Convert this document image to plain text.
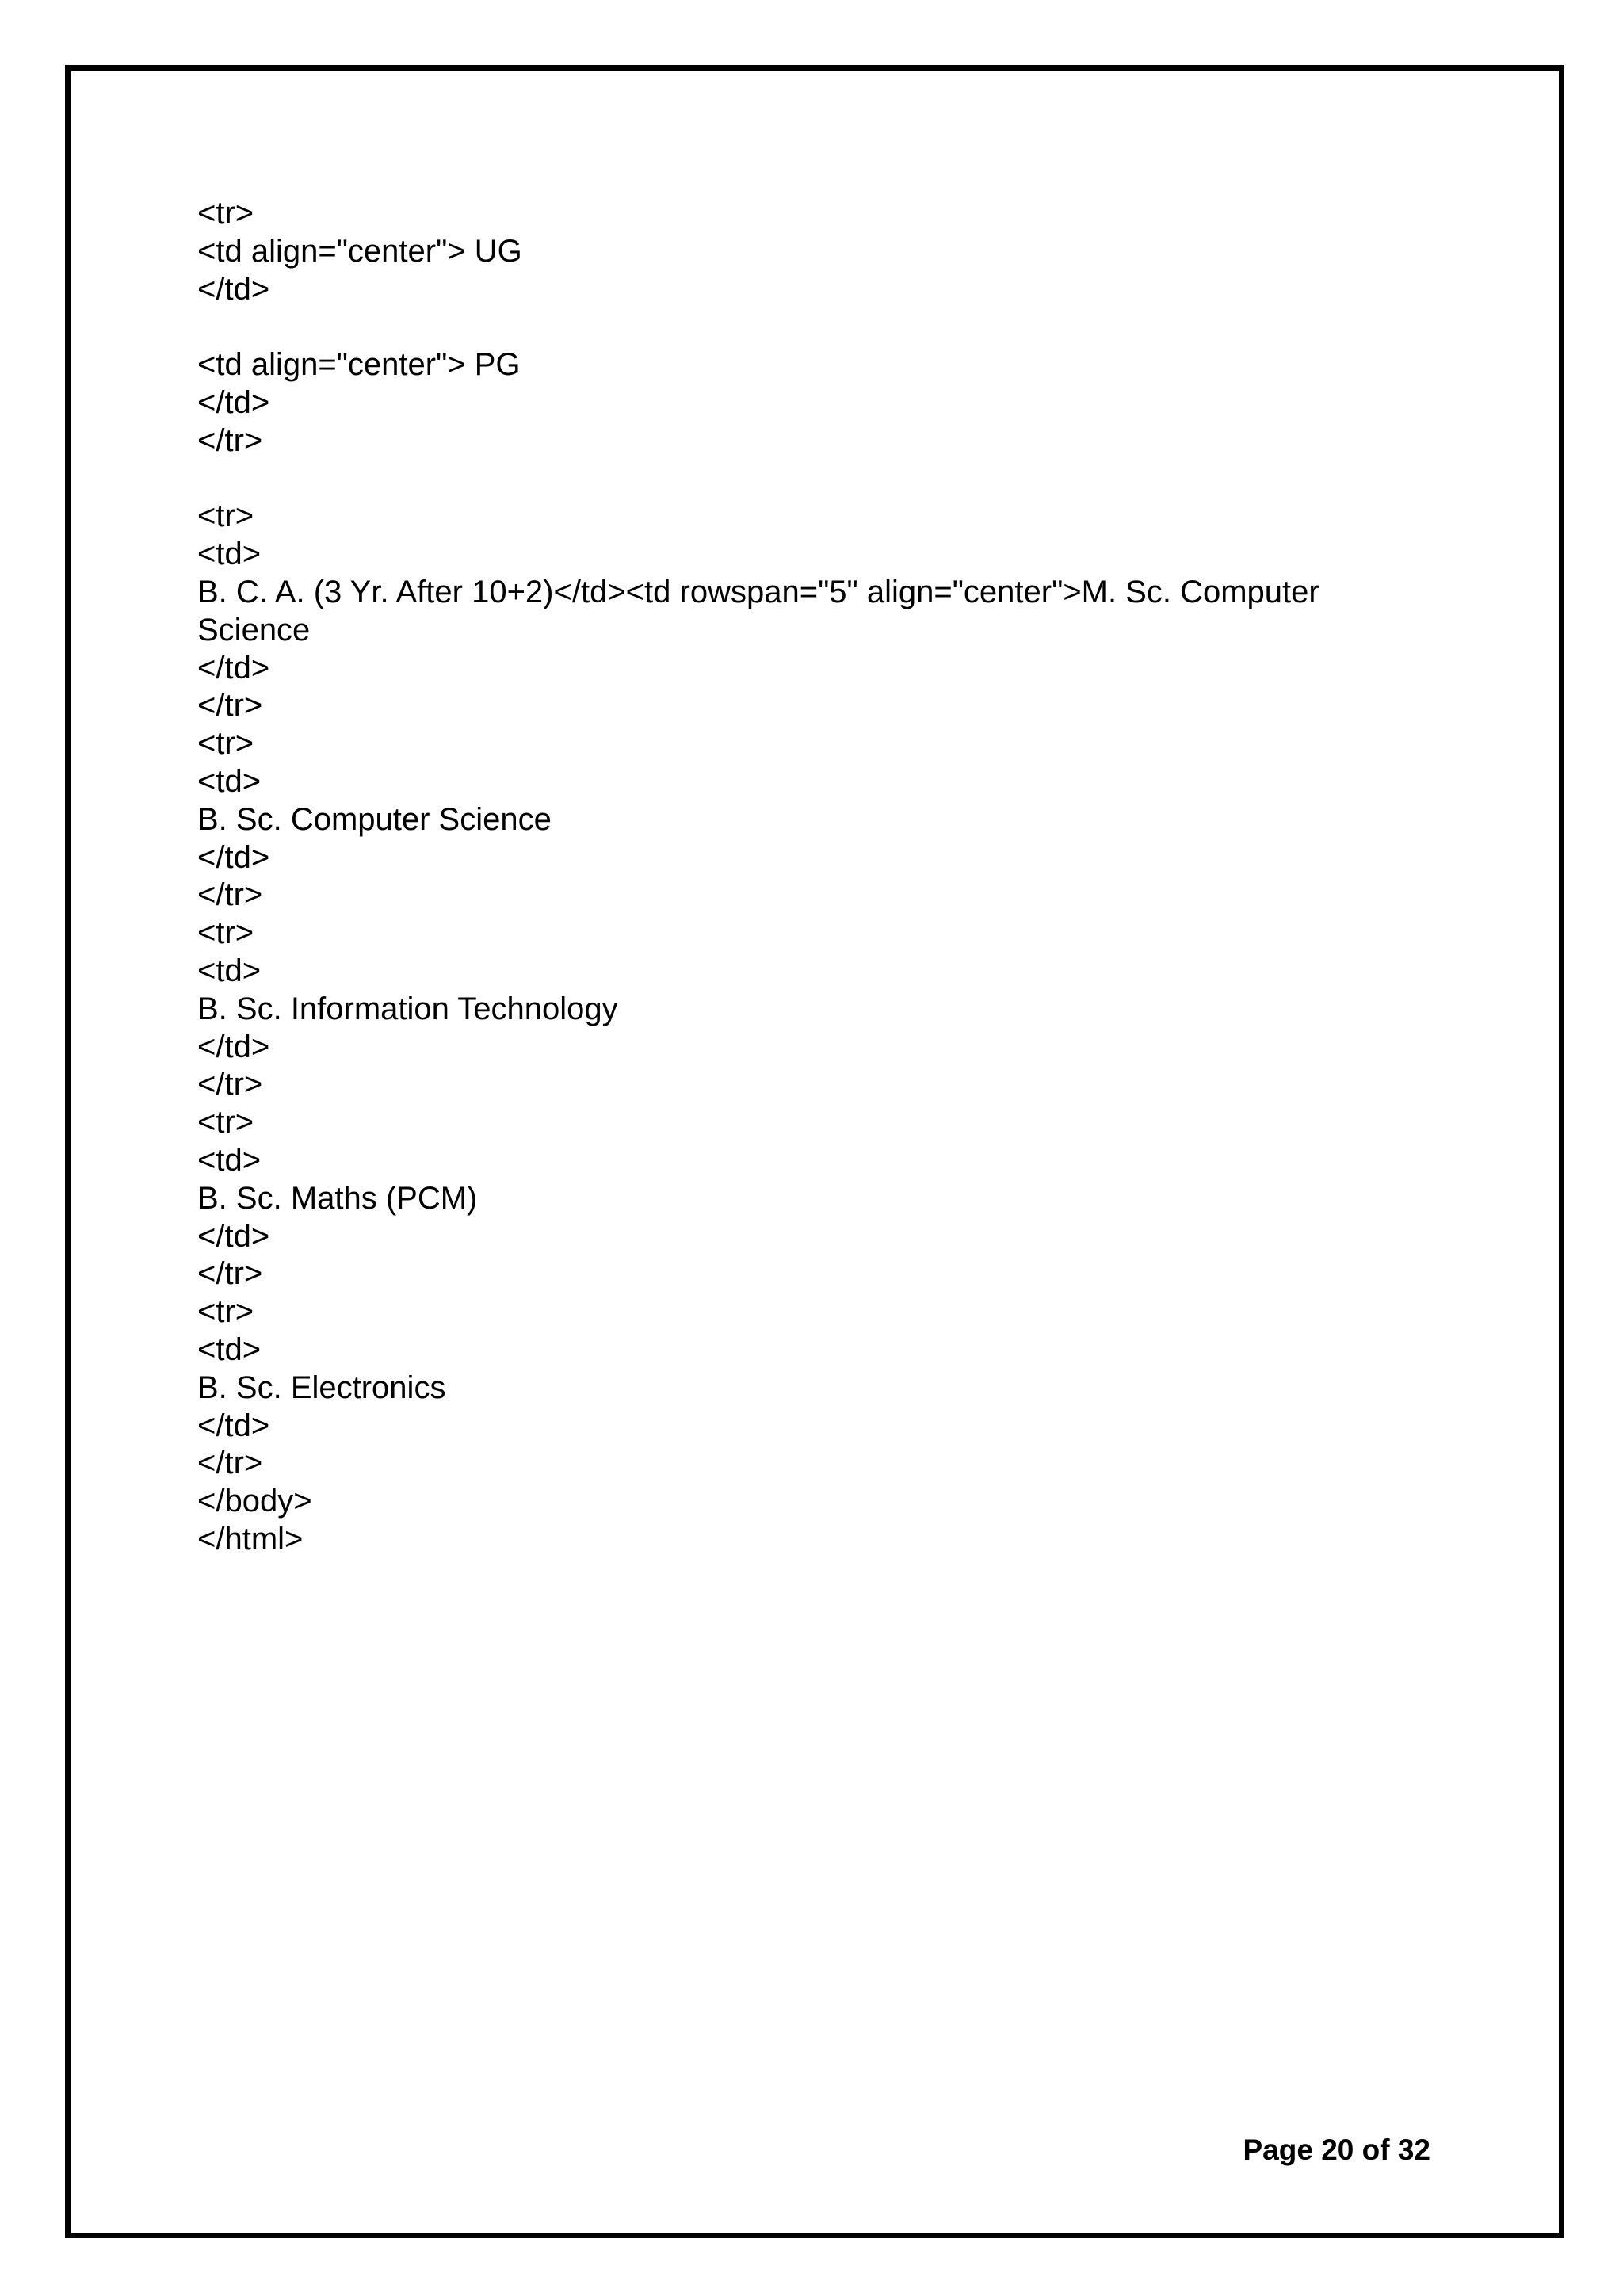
<tr>
<td align="center"> UG
</td>
<td align="center"> PG
</td>
</tr>
<tr>
<td>
B. C. A. (3 Yr. After 10+2)</td><td rowspan="5" align="center">M. Sc. Computer
Science
</td>
</tr>
<tr>
<td>
B. Sc. Computer Science
</td>
</tr>
<tr>
<td>
B. Sc. Information Technology
</td>
</tr>
<tr>
<td>
B. Sc. Maths (PCM)
</td>
</tr>
<tr>
<td>
B. Sc. Electronics
</td>
</tr>
</body>
</html>
Page 20 of 32
